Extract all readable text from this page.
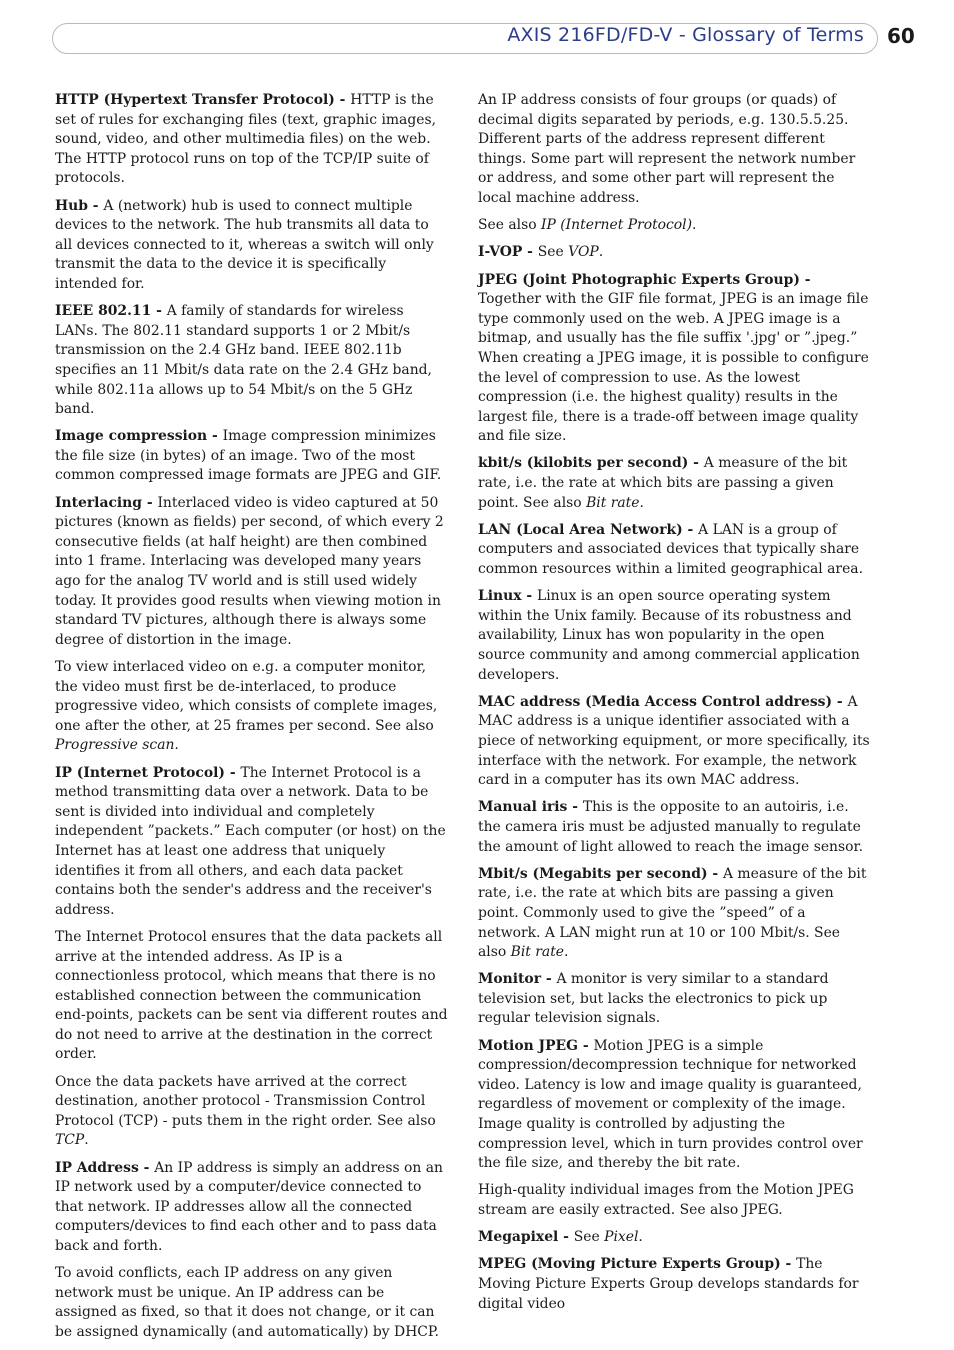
AXIS 216FD/FD-V - Glossary of Terms 60

HTTP (Hypertext Transfer Protocol) - HTTP is the set of rules for exchanging files (text, graphic images, sound, video, and other multimedia files) on the web. The HTTP protocol runs on top of the TCP/IP suite of protocols.

Hub - A (network) hub is used to connect multiple devices to the network. The hub transmits all data to all devices connected to it, whereas a switch will only transmit the data to the device it is specifically intended for.

IEEE 802.11 - A family of standards for wireless LANs. The 802.11 standard supports 1 or 2 Mbit/s transmission on the 2.4 GHz band. IEEE 802.11b specifies an 11 Mbit/s data rate on the 2.4 GHz band, while 802.11a allows up to 54 Mbit/s on the 5 GHz band.

Image compression - Image compression minimizes the file size (in bytes) of an image. Two of the most common compressed image formats are JPEG and GIF.

Interlacing - Interlaced video is video captured at 50 pictures (known as fields) per second, of which every 2 consecutive fields (at half height) are then combined into 1 frame. Interlacing was developed many years ago for the analog TV world and is still used widely today. It provides good results when viewing motion in standard TV pictures, although there is always some degree of distortion in the image.

To view interlaced video on e.g. a computer monitor, the video must first be de-interlaced, to produce progressive video, which consists of complete images, one after the other, at 25 frames per second. See also Progressive scan.

IP (Internet Protocol) - The Internet Protocol is a method transmitting data over a network. Data to be sent is divided into individual and completely independent ”packets.” Each computer (or host) on the Internet has at least one address that uniquely identifies it from all others, and each data packet contains both the sender's address and the receiver's address.

The Internet Protocol ensures that the data packets all arrive at the intended address. As IP is a connectionless protocol, which means that there is no established connection between the communication end-points, packets can be sent via different routes and do not need to arrive at the destination in the correct order.

Once the data packets have arrived at the correct destination, another protocol - Transmission Control Protocol (TCP) - puts them in the right order. See also TCP.

IP Address - An IP address is simply an address on an IP network used by a computer/device connected to that network. IP addresses allow all the connected computers/devices to find each other and to pass data back and forth.

To avoid conflicts, each IP address on any given network must be unique. An IP address can be assigned as fixed, so that it does not change, or it can be assigned dynamically (and automatically) by DHCP.

An IP address consists of four groups (or quads) of decimal digits separated by periods, e.g. 130.5.5.25. Different parts of the address represent different things. Some part will represent the network number or address, and some other part will represent the local machine address.

See also IP (Internet Protocol).

I-VOP - See VOP.

JPEG (Joint Photographic Experts Group) - Together with the GIF file format, JPEG is an image file type commonly used on the web. A JPEG image is a bitmap, and usually has the file suffix '.jpg' or ”.jpeg.” When creating a JPEG image, it is possible to configure the level of compression to use. As the lowest compression (i.e. the highest quality) results in the largest file, there is a trade-off between image quality and file size.

kbit/s (kilobits per second) - A measure of the bit rate, i.e. the rate at which bits are passing a given point. See also Bit rate.

LAN (Local Area Network) - A LAN is a group of computers and associated devices that typically share common resources within a limited geographical area.

Linux - Linux is an open source operating system within the Unix family. Because of its robustness and availability, Linux has won popularity in the open source community and among commercial application developers.

MAC address (Media Access Control address) - A MAC address is a unique identifier associated with a piece of networking equipment, or more specifically, its interface with the network. For example, the network card in a computer has its own MAC address.

Manual iris - This is the opposite to an autoiris, i.e. the camera iris must be adjusted manually to regulate the amount of light allowed to reach the image sensor.

Mbit/s (Megabits per second) - A measure of the bit rate, i.e. the rate at which bits are passing a given point. Commonly used to give the ”speed” of a network. A LAN might run at 10 or 100 Mbit/s. See also Bit rate.

Monitor - A monitor is very similar to a standard television set, but lacks the electronics to pick up regular television signals.

Motion JPEG - Motion JPEG is a simple compression/decompression technique for networked video. Latency is low and image quality is guaranteed, regardless of movement or complexity of the image. Image quality is controlled by adjusting the compression level, which in turn provides control over the file size, and thereby the bit rate.

High-quality individual images from the Motion JPEG stream are easily extracted. See also JPEG.

Megapixel - See Pixel.

MPEG (Moving Picture Experts Group) - The Moving Picture Experts Group develops standards for digital video
